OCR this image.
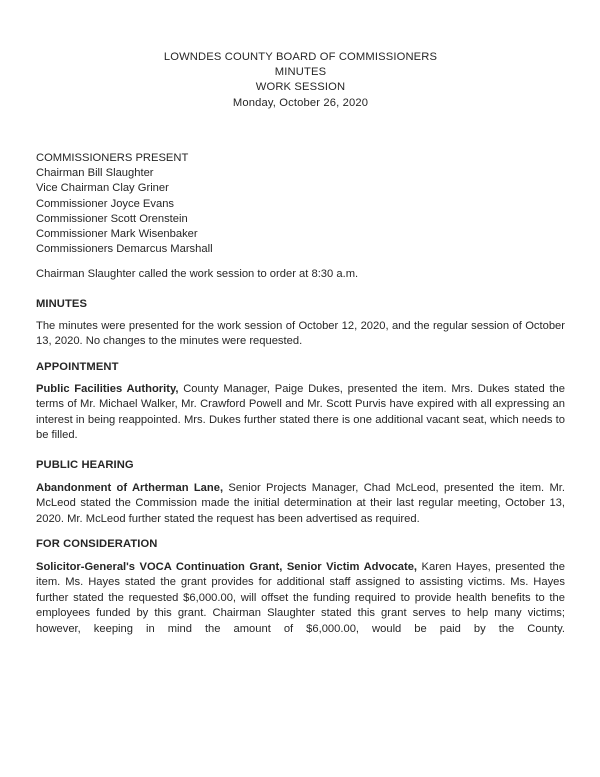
LOWNDES COUNTY BOARD OF COMMISSIONERS
MINUTES
WORK SESSION
Monday, October 26, 2020
COMMISSIONERS PRESENT
Chairman Bill Slaughter
Vice Chairman Clay Griner
Commissioner Joyce Evans
Commissioner Scott Orenstein
Commissioner Mark Wisenbaker
Commissioners Demarcus Marshall

Chairman Slaughter called the work session to order at 8:30 a.m.

MINUTES

The minutes were presented for the work session of October 12, 2020, and the regular session of October 13, 2020. No changes to the minutes were requested.

APPOINTMENT

Public Facilities Authority, County Manager, Paige Dukes, presented the item. Mrs. Dukes stated the terms of Mr. Michael Walker, Mr. Crawford Powell and Mr. Scott Purvis have expired with all expressing an interest in being reappointed. Mrs. Dukes further stated there is one additional vacant seat, which needs to be filled.

PUBLIC HEARING

Abandonment of Artherman Lane, Senior Projects Manager, Chad McLeod, presented the item. Mr. McLeod stated the Commission made the initial determination at their last regular meeting, October 13, 2020. Mr. McLeod further stated the request has been advertised as required.

FOR CONSIDERATION

Solicitor-General's VOCA Continuation Grant, Senior Victim Advocate, Karen Hayes, presented the item. Ms. Hayes stated the grant provides for additional staff assigned to assisting victims. Ms. Hayes further stated the requested $6,000.00, will offset the funding required to provide health benefits to the employees funded by this grant. Chairman Slaughter stated this grant serves to help many victims; however, keeping in mind the amount of $6,000.00, would be paid by the County.
